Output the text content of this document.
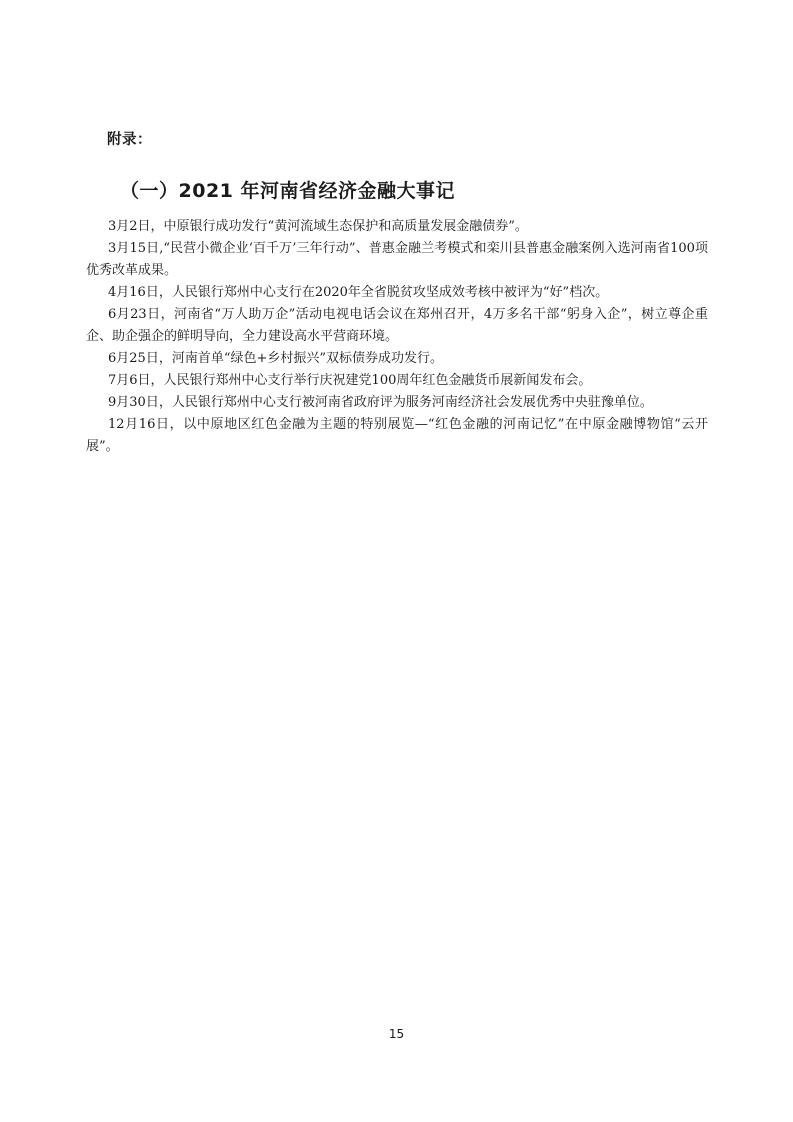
附录：
（一）2021 年河南省经济金融大事记

3月2日，中原银行成功发行“黄河流域生态保护和高质量发展金融债券”。

3月15日,“民营小微企业‘百千万’三年行动”、普惠金融兰考模式和栾川县普惠金融案例入选河南省100项优秀改革成果。

4月16日，人民银行郑州中心支行在2020年全省脱贫攻坚成效考核中被评为“好”档次。

6月23日，河南省“万人助万企”活动电视电话会议在郑州召开，4万多名干部“躬身入企”，树立尊企重企、助企强企的鲜明导向，全力建设高水平营商环境。

6月25日，河南首单“绿色+乡村振兴”双标债券成功发行。

7月6日，人民银行郑州中心支行举行庆祝建党100周年红色金融货币展新闻发布会。

9月30日，人民银行郑州中心支行被河南省政府评为服务河南经济社会发展优秀中央驻豫单位。

12月16日，以中原地区红色金融为主题的特别展览—“红色金融的河南记忆”在中原金融博物馆“云开展”。

15
